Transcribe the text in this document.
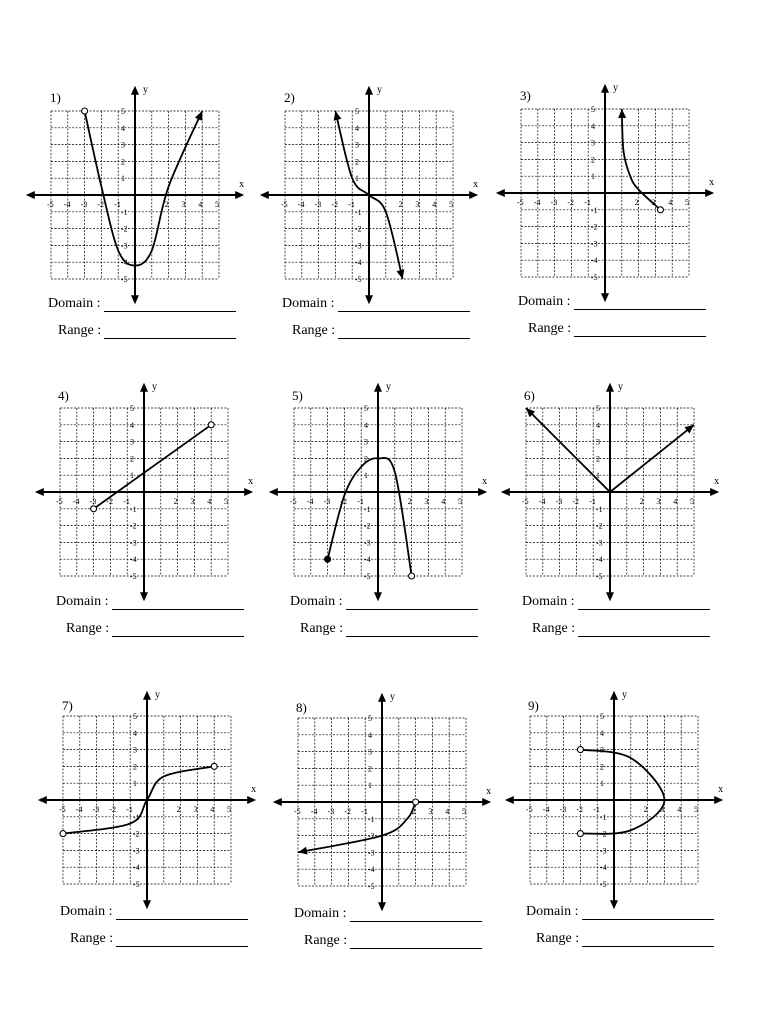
1)
x
y
-5 -4 -3 -2 -1	2 3 4 5
5
4
3
2
1
-1
-2
-3
-4
-5
Domain :
Range :
2)
x
y
-5 -4 -3 -2 -1	2 3 4 5
5
4
3
2
1
-1
-2
-3
-4
-5
Domain :
Range :
3)
x
y
-5 -4 -3 -2 -1	2 3 4 5
5
4
3
2
1
-1
-2
-3
-4
-5
Domain :
Range :
4)
x
y
-5 -4 -3 -2 -1	2 3 4 5
5
4
3
2
1
-1
-2
-3
-4
-5
Domain :
Range :
5)
x
y
-5 -4 -3 -2 -1	2 3 4 5
5
4
3
2
1
-1
-2
-3
-4
-5
Domain :
Range :
6)
x
y
-5 -4 -3 -2 -1	2 3 4 5
5
4
3
2
1
-1
-2
-3
-4
-5
Domain :
Range :
7)
x
y
-5 -4 -3 -2 -1	2 3 4 5
5
4
3
2
1
-1
-2
-3
-4
-5
Domain :
Range :
8)
x
y
-5 -4 -3 -2 -1	2 3 4 5
5
4
3
2
1
-1
-2
-3
-4
-5
Domain :
Range :
9)
x
y
-5 -4 -3 -2 -1	2 3 4 5
5
4
3
2
1
-1
-2
-3
-4
-5
Domain :
Range :
